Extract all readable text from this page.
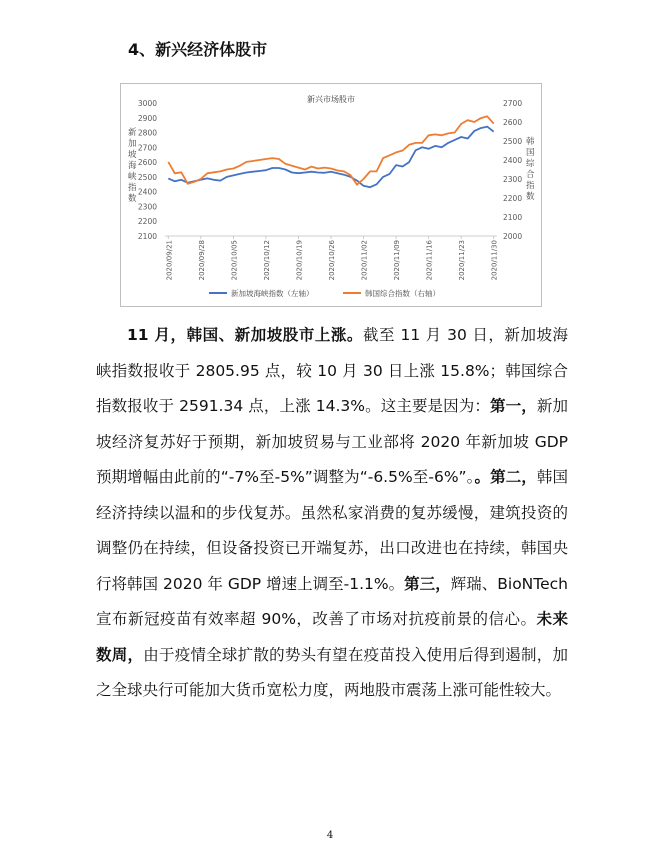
4、新兴经济体股市
新兴市场股市
新
加
坡
海
峡
指
数
韩
国
综
合
指
数
3000
2900
2800
2700
2600
2500
2400
2300
2200
2100
2700
2600
2500
2400
2300
2200
2100
2000
2020/09/21	2020/09/28	2020/10/05	2020/10/12	2020/10/19	2020/10/26	2020/11/02	2020/11/09	2020/11/16	2020/11/23	2020/11/30
新加坡海峡指数（左轴）	韩国综合指数（右轴）

11 月，韩国、新加坡股市上涨。截至 11 月 30 日，新加坡海峡指数报收于 2805.95 点，较 10 月 30 日上涨 15.8%；韩国综合指数报收于 2591.34 点，上涨 14.3%。这主要是因为：第一，新加坡经济复苏好于预期，新加坡贸易与工业部将 2020 年新加坡 GDP 预期增幅由此前的“-7%至-5%”调整为“-6.5%至-6%”。。第二，韩国经济持续以温和的步伐复苏。虽然私家消费的复苏缓慢，建筑投资的调整仍在持续，但设备投资已开端复苏，出口改进也在持续，韩国央行将韩国 2020 年 GDP 增速上调至-1.1%。第三，辉瑞、BioNTech 宣布新冠疫苗有效率超 90%，改善了市场对抗疫前景的信心。未来数周，由于疫情全球扩散的势头有望在疫苗投入使用后得到遏制，加之全球央行可能加大货币宽松力度，两地股市震荡上涨可能性较大。

4
